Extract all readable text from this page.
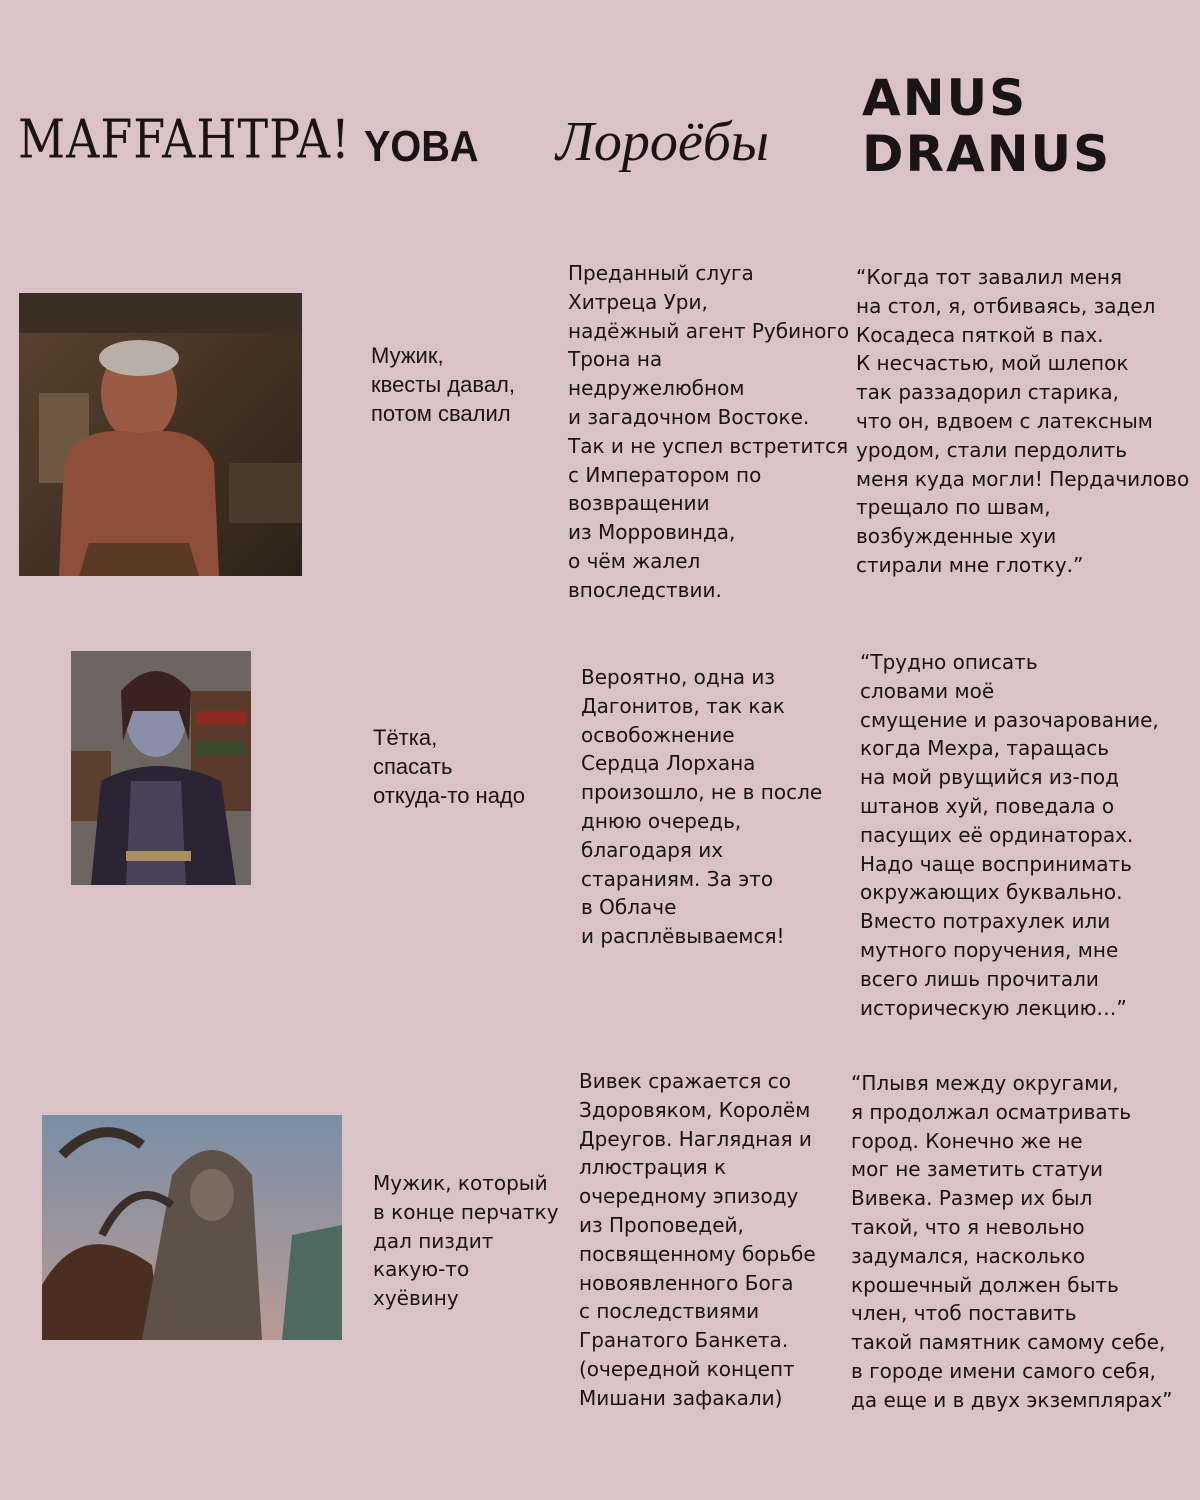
MAFFAHTPA! YOBA Лороёбы
ANUS
DRANUS
Мужик,
квесты давал,
потом свалил
Преданный слуга
Хитреца Ури,
надёжный агент Рубиного
Трона на
недружелюбном
и загадочном Востоке.
Так и не успел встретится
с Императором по
возвращении
из Морровинда,
о чём жалел
впоследствии.
“Когда тот завалил меня
на стол, я, отбиваясь, задел
Косадеса пяткой в пах.
К несчастью, мой шлепок
так раззадорил старика,
что он, вдвоем с латексным
уродом, стали пердолить
меня куда могли! Пердачилово
трещало по швам,
возбужденные хуи
стирали мне глотку.”
Тётка,
спасать
откуда-то надо
Вероятно, одна из
Дагонитов, так как
освобожнение
Сердца Лорхана
произошло, не в после
днюю очередь,
благодаря их
стараниям. За это
в Облаче
и расплёвываемся!
“Трудно описать
словами моё
смущение и разочарование,
когда Мехра, таращась
на мой рвущийся из-под
штанов хуй, поведала о
пасущих её ординаторах.
Надо чаще воспринимать
окружающих буквально.
Вместо потрахулек или
мутного поручения, мне
всего лишь прочитали
историческую лекцию…”
Мужик, который
в конце перчатку
дал пиздит
какую-то
хуёвину
Вивек сражается со
Здоровяком, Королём
Дреугов. Наглядная и
ллюстрация к
очередному эпизоду
из Проповедей,
посвященному борьбе
новоявленного Бога
с последствиями
Гранатого Банкета.
(очередной концепт
Мишани зафакали)
“Плывя между округами,
я продолжал осматривать
город. Конечно же не
мог не заметить статуи
Вивека. Размер их был
такой, что я невольно
задумался, насколько
крошечный должен быть
член, чтоб поставить
такой памятник самому себе,
в городе имени самого себя,
да еще и в двух экземплярах”
